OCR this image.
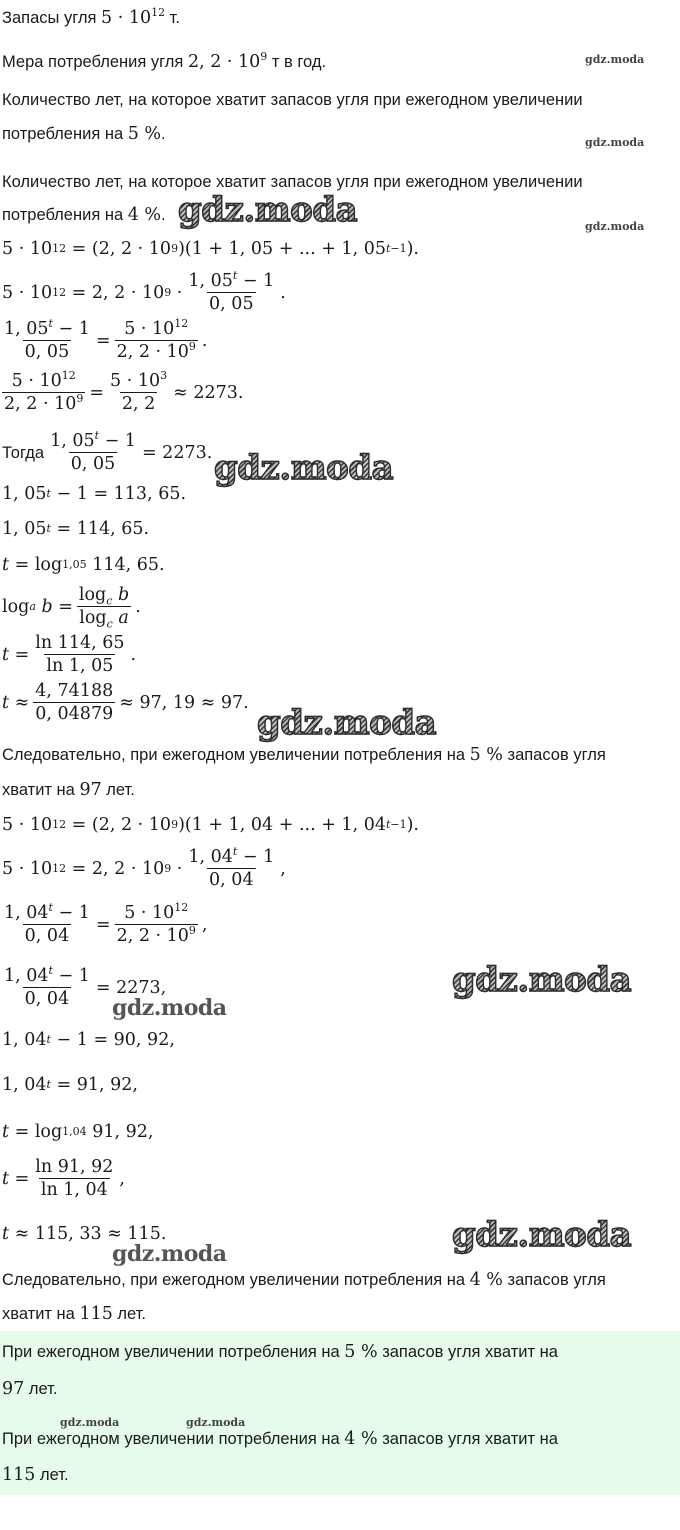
gdz.moda
gdz.moda
gdz.moda
gdz.moda
gdz.moda
gdz.moda
gdz.moda
gdz.moda
gdz.moda
gdz.moda
Запасы угля $5 \cdot 10^{12}$ т.
Мера потребления угля 2, $2 \cdot 10^9$ т в год.
Количество лет, на которое хватит запасов угля при ежегодном увеличении
потребления на 5 %.
Количество лет, на которое хватит запасов угля при ежегодном увеличении
потребления на 4 %.
5 · 10 12 = (2, 2 · 10 9 )(1 + 1, 05 + ... + 1, 05 t−1 ).
5 · 10 12 = 2, 2 · 10 $9 \cdot \frac{1, 05^t - 1}{0, 05}$ .
$\frac{1, 05^t - 1}{0, 05} = \frac{5 \cdot 10^{12}}{2, 2 \cdot 10^9}$ .
$\frac{5 \cdot 10^{12}}{2, 2 \cdot 10^9} = \frac{5 \cdot 10^3}{2, 2} \approx 2273$.
Тогда $\frac{1, 05^t - 1}{0, 05} = 2273$.
1, 05 t − 1 = 113, 65.
1, 05 t = 114, 65.
t = log 1,05 114, 65.
log a
$b = \frac{\log_c b}{\log_c a}$ .
$t = \frac{\ln 114, 65}{\ln 1, 05}$ .
$t \approx \frac{4, 74188}{0, 04879} \approx 97$, 19 ≈ 97.
Следовательно, при ежегодном увеличении потребления на 5 % запасов угля
хватит на 97 лет.
5 · 10 12 = (2, 2 · 10 9 )(1 + 1, 04 + ... + 1, 04 t−1 ).
5 · 10 12 = 2, 2 · 10 $9 \cdot \frac{1, 04^t - 1}{0, 04}$ ,
$\frac{1, 04^t - 1}{0, 04} = \frac{5 \cdot 10^{12}}{2, 2 \cdot 10^9}$ ,
$\frac{1, 04^t - 1}{0, 04} = 2273$,
1, 04 t − 1 = 90, 92,
1, 04 t = 91, 92,
t = log 1,04 91, 92,
$t = \frac{\ln 91, 92}{\ln 1, 04}$ ,
t ≈ 115, 33 ≈ 115.
Следовательно, при ежегодном увеличении потребления на 4 % запасов угля
хватит на 115 лет.
При ежегодном увеличении потребления на 5 % запасов угля хватит на
97 лет.
gdz.moda	gdz.moda
При ежегодном увеличении потребления на 4 % запасов угля хватит на
115 лет.
